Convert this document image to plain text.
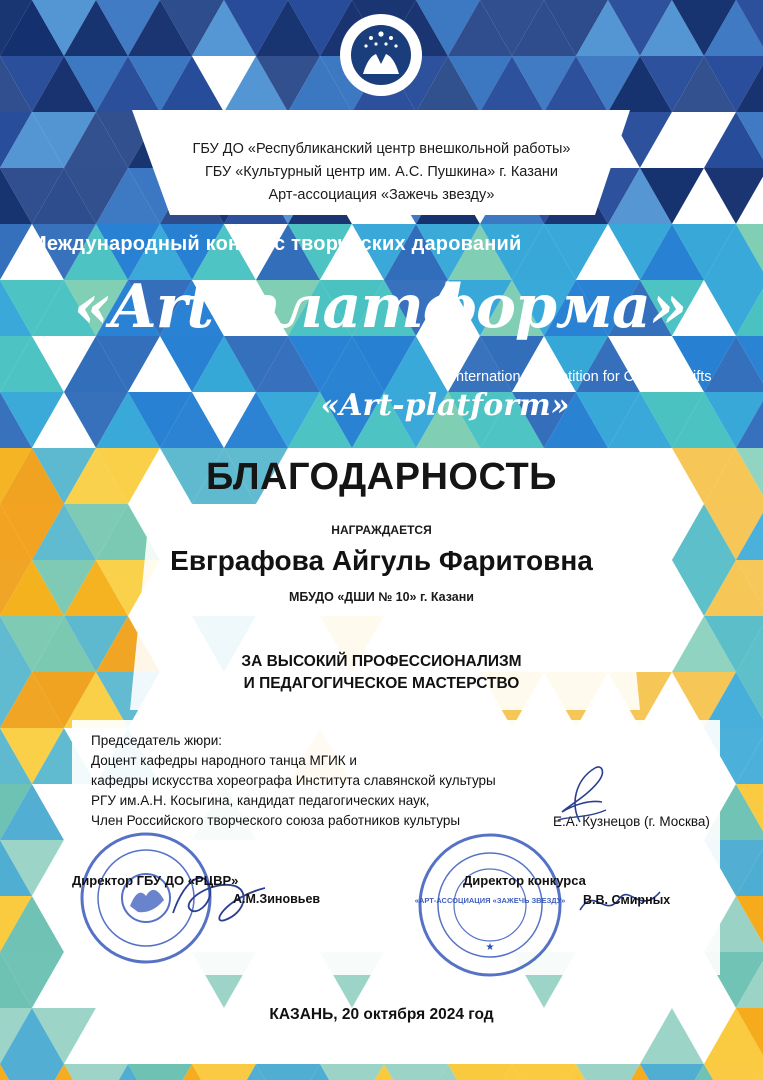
ГБУ ДО «Республиканский центр внешкольной работы»
ГБУ «Культурный центр им. А.С. Пушкина» г. Казани
Арт-ассоциация «Зажечь звезду»
Международный конкурс творческих дарований
«Art-платформа»
Internation competition for Creative Gifts
«Art-platform»
БЛАГОДАРНОСТЬ
НАГРАЖДАЕТСЯ
Евграфова Айгуль Фаритовна
МБУДО «ДШИ № 10» г. Казани
ЗА ВЫСОКИЙ ПРОФЕССИОНАЛИЗМ
И ПЕДАГОГИЧЕСКОЕ МАСТЕРСТВО
Председатель жюри:
Доцент кафедры народного танца МГИК и
кафедры искусства хореографа Института славянской культуры
РГУ им.А.Н. Косыгина, кандидат педагогических наук,
Член Российского творческого союза работников культуры	Е.А. Кузнецов (г. Москва)
Директор ГБУ ДО «РЦВР»
А.М.Зиновьев	«АРТ-АССОЦИАЦИЯ «ЗАЖЕЧЬ ЗВЕЗДУ»
★
Директор конкурса
В.В. Смирных
КАЗАНЬ, 20 октября 2024 год
